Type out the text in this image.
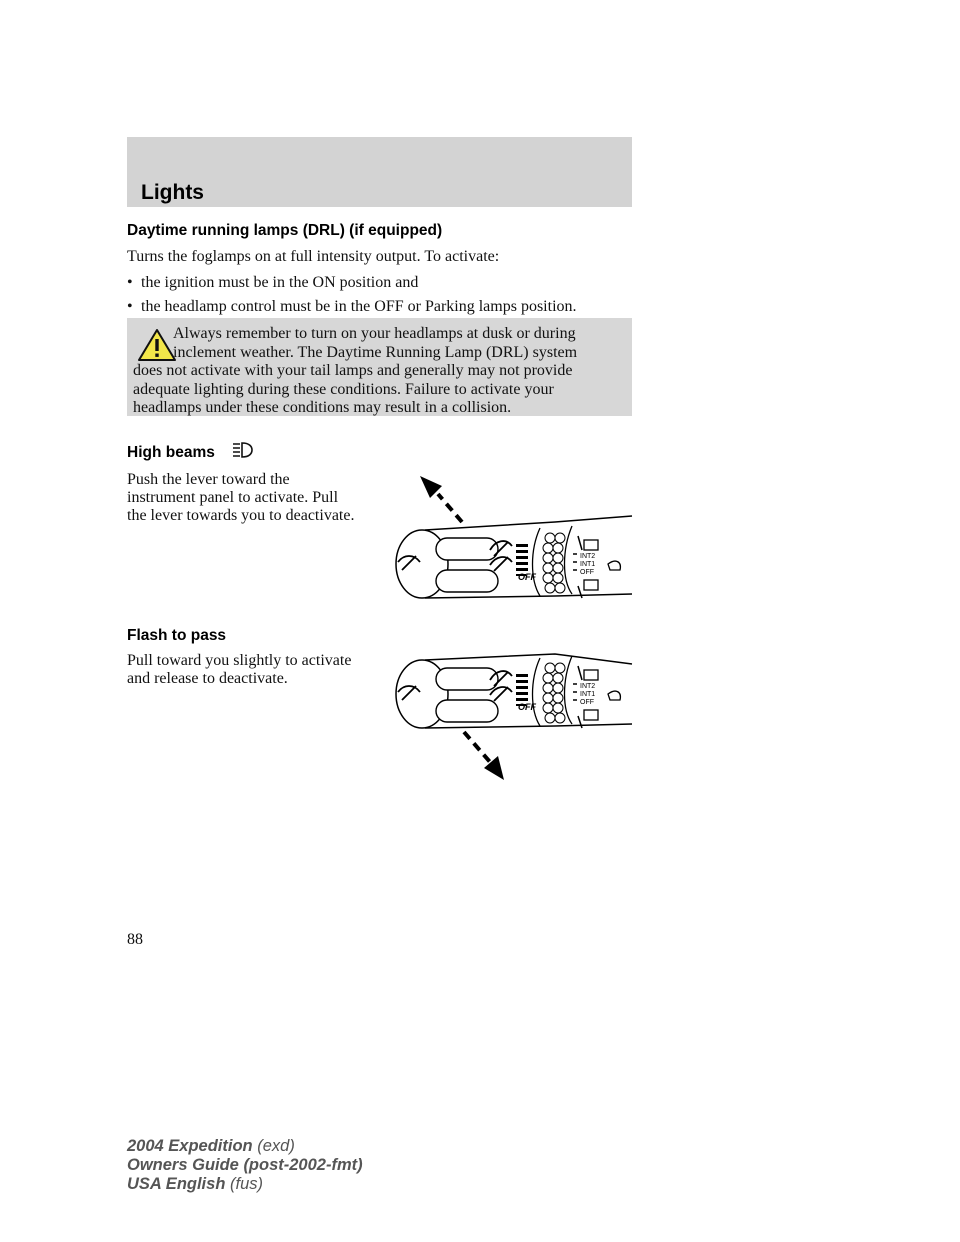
Lights
Daytime running lamps (DRL) (if equipped)
Turns the foglamps on at full intensity output. To activate:
• the ignition must be in the ON position and
• the headlamp control must be in the OFF or Parking lamps position.
Always remember to turn on your headlamps at dusk or during
inclement weather. The Daytime Running Lamp (DRL) system
does not activate with your tail lamps and generally may not provide
adequate lighting during these conditions. Failure to activate your
headlamps under these conditions may result in a collision.
High beams
Push the lever toward the
instrument panel to activate. Pull
the lever towards you to deactivate.
INT2
INT1
OFF
OFF
Flash to pass
Pull toward you slightly to activate
and release to deactivate.	INT2
INT1
OFF
OFF
88
2004 Expedition (exd)
Owners Guide (post-2002-fmt)
USA English (fus)
